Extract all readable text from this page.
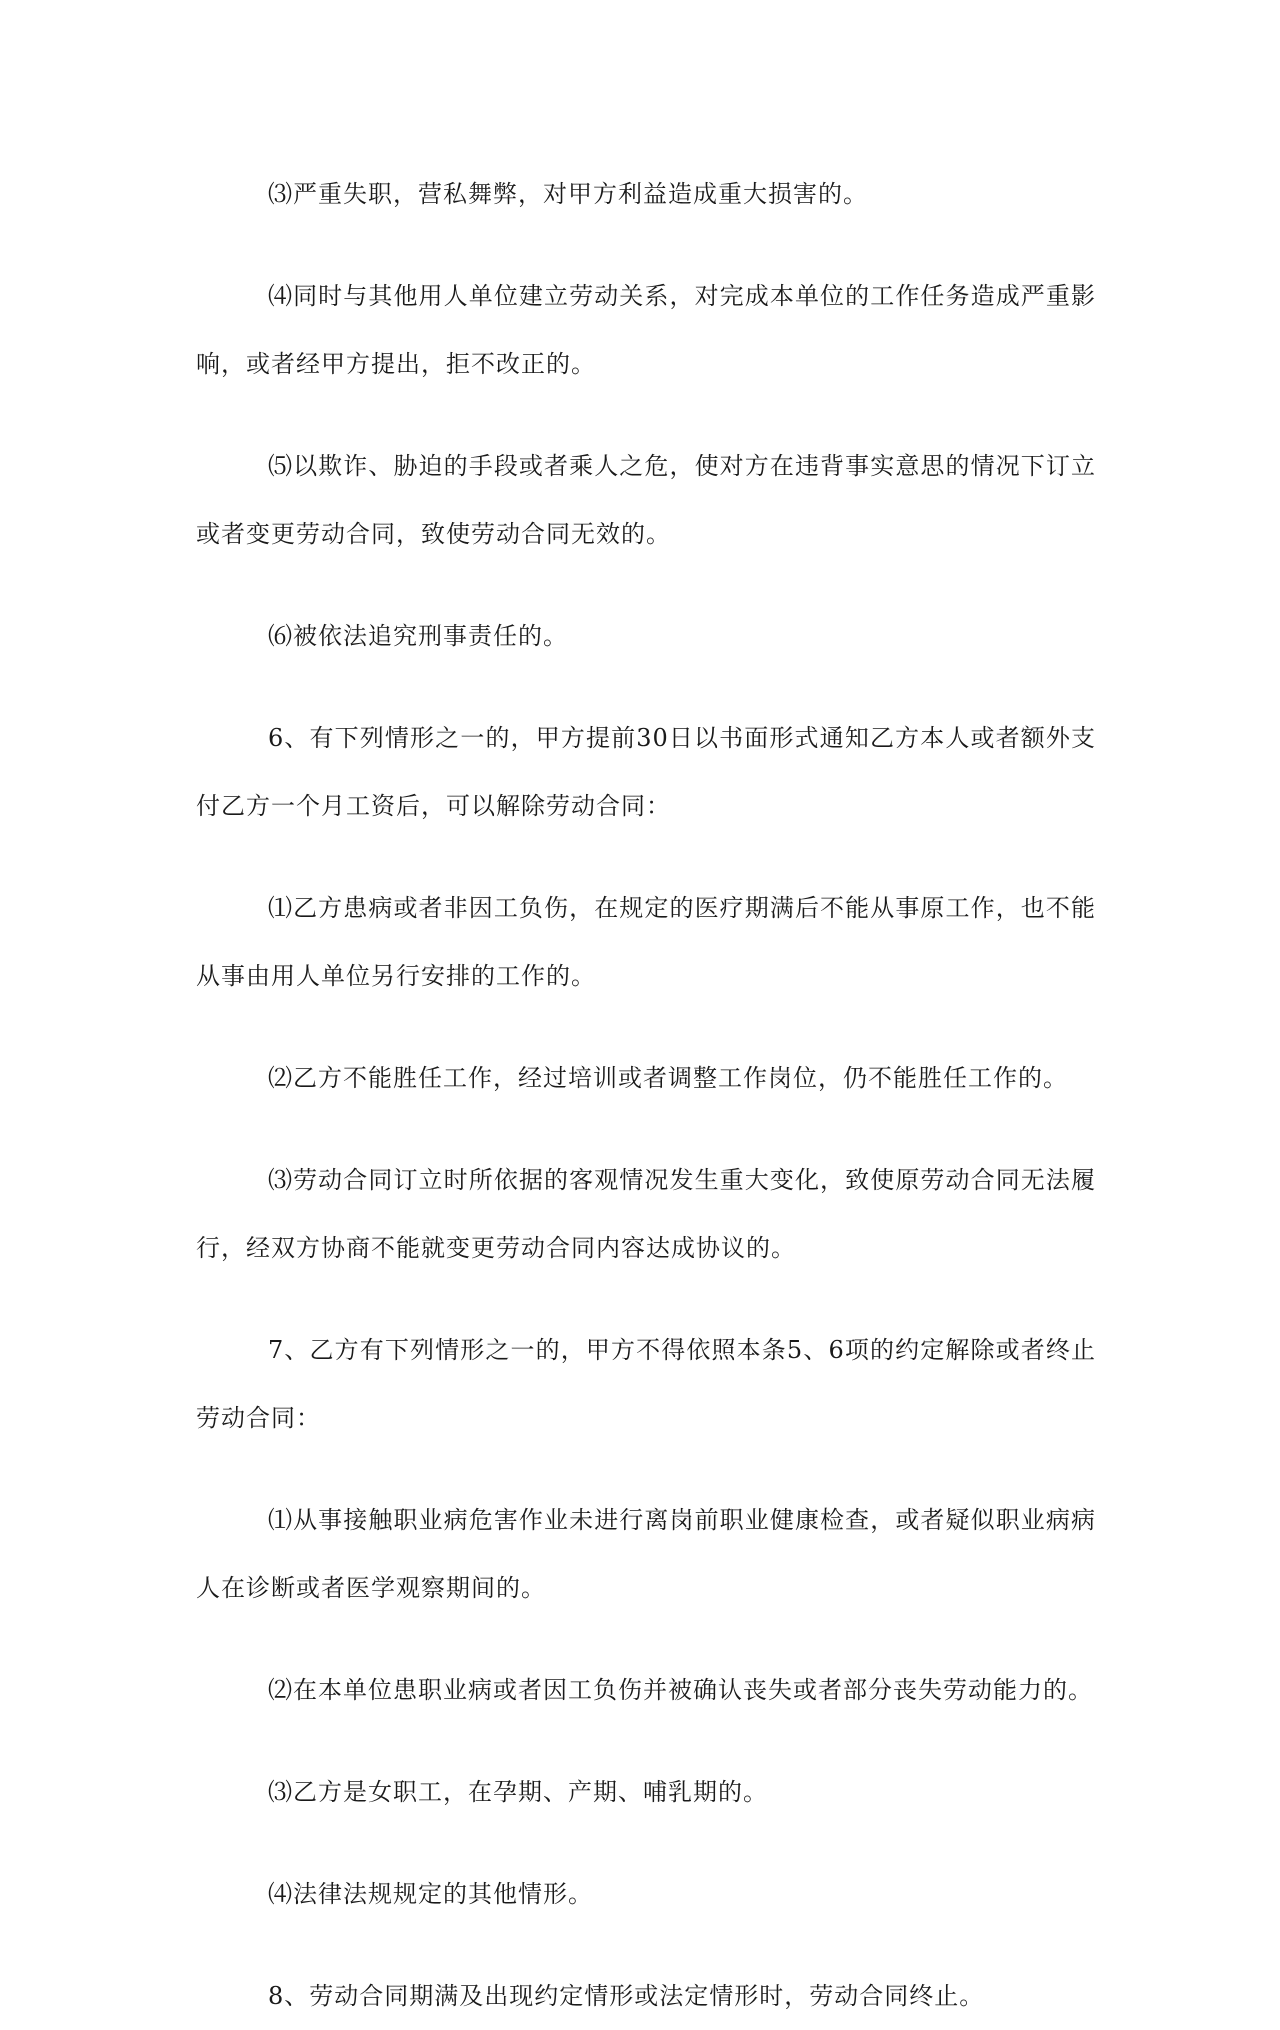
⑶严重失职，营私舞弊，对甲方利益造成重大损害的。

⑷同时与其他用人单位建立劳动关系，对完成本单位的工作任务造成严重影响，或者经甲方提出，拒不改正的。

⑸以欺诈、胁迫的手段或者乘人之危，使对方在违背事实意思的情况下订立或者变更劳动合同，致使劳动合同无效的。

⑹被依法追究刑事责任的。

6、有下列情形之一的，甲方提前30日以书面形式通知乙方本人或者额外支付乙方一个月工资后，可以解除劳动合同：

⑴乙方患病或者非因工负伤，在规定的医疗期满后不能从事原工作，也不能从事由用人单位另行安排的工作的。

⑵乙方不能胜任工作，经过培训或者调整工作岗位，仍不能胜任工作的。

⑶劳动合同订立时所依据的客观情况发生重大变化，致使原劳动合同无法履行，经双方协商不能就变更劳动合同内容达成协议的。

7、乙方有下列情形之一的，甲方不得依照本条5、6项的约定解除或者终止劳动合同：

⑴从事接触职业病危害作业未进行离岗前职业健康检查，或者疑似职业病病人在诊断或者医学观察期间的。

⑵在本单位患职业病或者因工负伤并被确认丧失或者部分丧失劳动能力的。

⑶乙方是女职工，在孕期、产期、哺乳期的。

⑷法律法规规定的其他情形。

8、劳动合同期满及出现约定情形或法定情形时，劳动合同终止。
